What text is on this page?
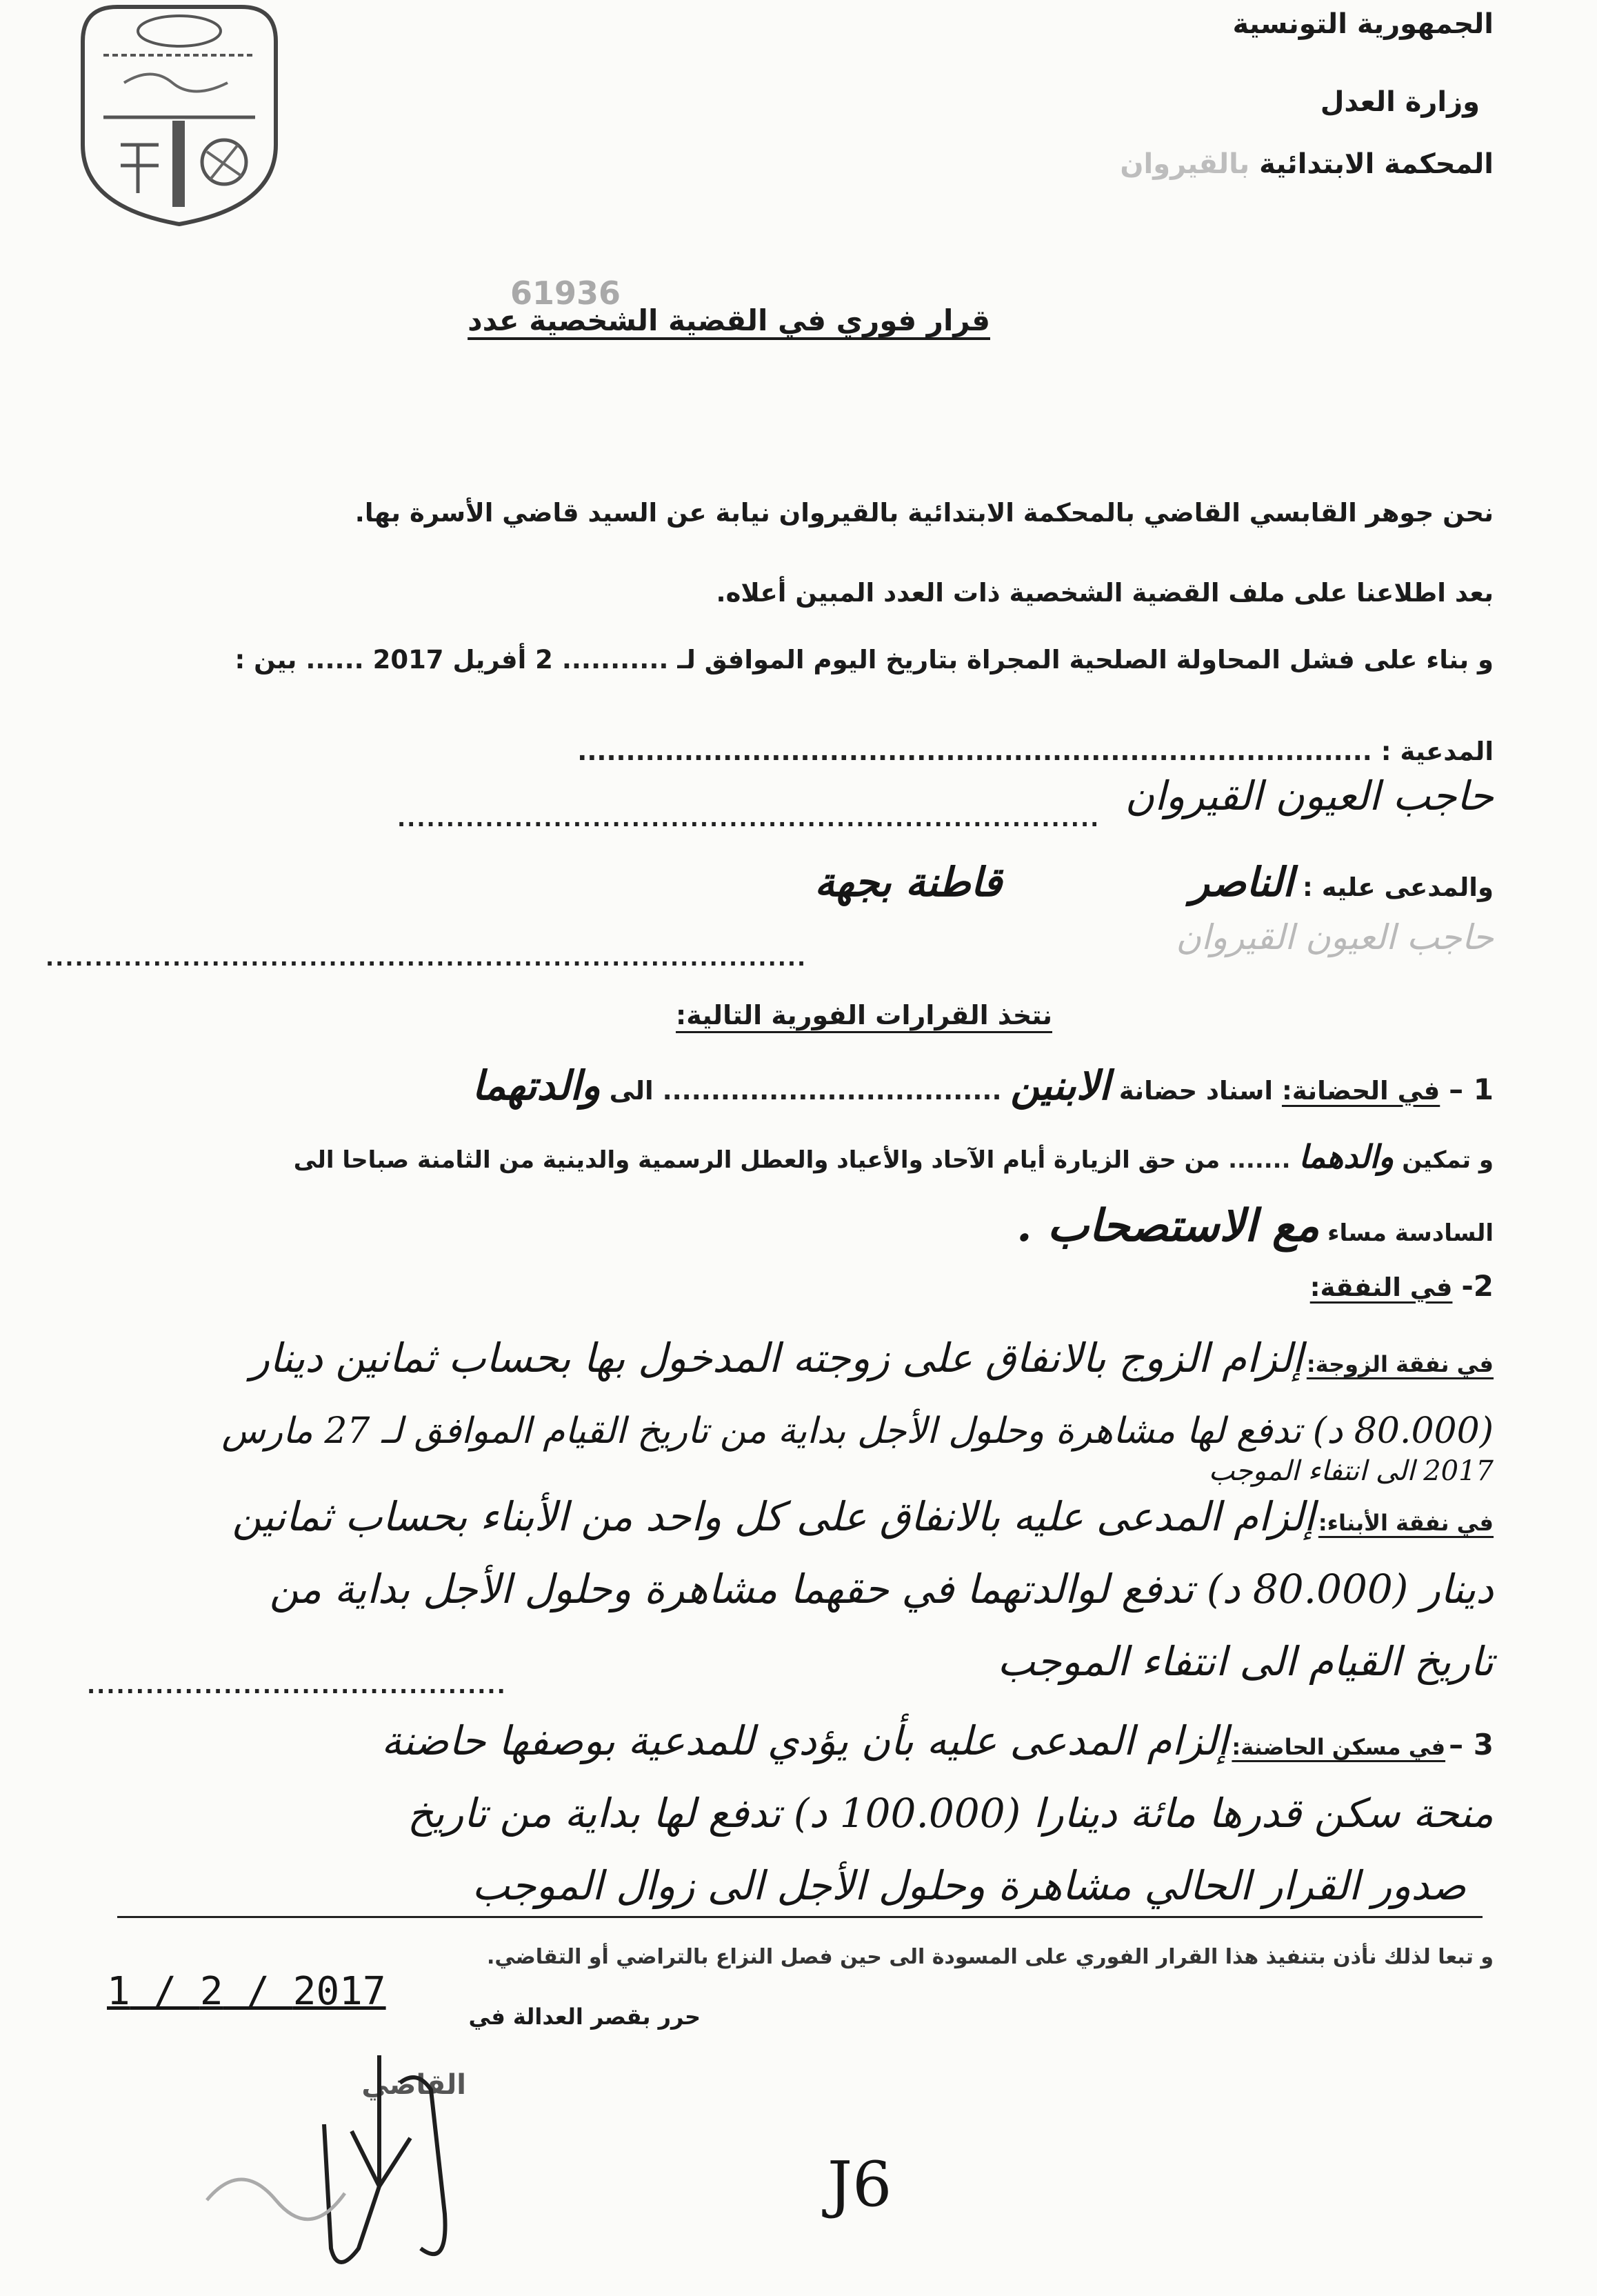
الجمهورية التونسية
وزارة العدل
المحكمة الابتدائية بالقيروان
قرار فوري في القضية الشخصية عدد
61936
نحن جوهر القابسي القاضي بالمحكمة الابتدائية بالقيروان نيابة عن السيد قاضي الأسرة بها.
بعد اطلاعنا على ملف القضية الشخصية ذات العدد المبين أعلاه.
و بناء على فشل المحاولة الصلحية المجراة بتاريخ اليوم الموافق لـ ........... 2 أفريل 2017 ...... بين :
المدعية : ..................................................................................
حاجب العيون القيروان
........................................................................
والمدعى عليه : الناصر قاطنة بجهة
حاجب العيون القيروان
..............................................................................
نتخذ القرارات الفورية التالية:
1 – في الحضانة: اسناد حضانة الابنين ................................... الى والدتهما
و تمكين والدهما ....... من حق الزيارة أيام الآحاد والأعياد والعطل الرسمية والدينية من الثامنة صباحا الى
السادسة مساء مع الاستصحاب .
2- في النفقة:
في نفقة الزوجة: إلزام الزوج بالانفاق على زوجته المدخول بها بحساب ثمانين دينار
(80.000 د) تدفع لها مشاهرة وحلول الأجل بداية من تاريخ القيام الموافق لـ 27 مارس
2017 الى انتفاء الموجب
في نفقة الأبناء: إلزام المدعى عليه بالانفاق على كل واحد من الأبناء بحساب ثمانين
دينار (80.000 د) تدفع لوالدتهما في حقهما مشاهرة وحلول الأجل بداية من
تاريخ القيام الى انتفاء الموجب
...........................................
3 – في مسكن الحاضنة: إلزام المدعى عليه بأن يؤدي للمدعية بوصفها حاضنة
منحة سكن قدرها مائة دينارا (100.000 د) تدفع لها بداية من تاريخ
صدور القرار الحالي مشاهرة وحلول الأجل الى زوال الموجب
و تبعا لذلك نأذن بتنفيذ هذا القرار الفوري على المسودة الى حين فصل النزاع بالتراضي أو التقاضي.
حرر بقصر العدالة في
2017 / 2 / 1
القاضي
J6
